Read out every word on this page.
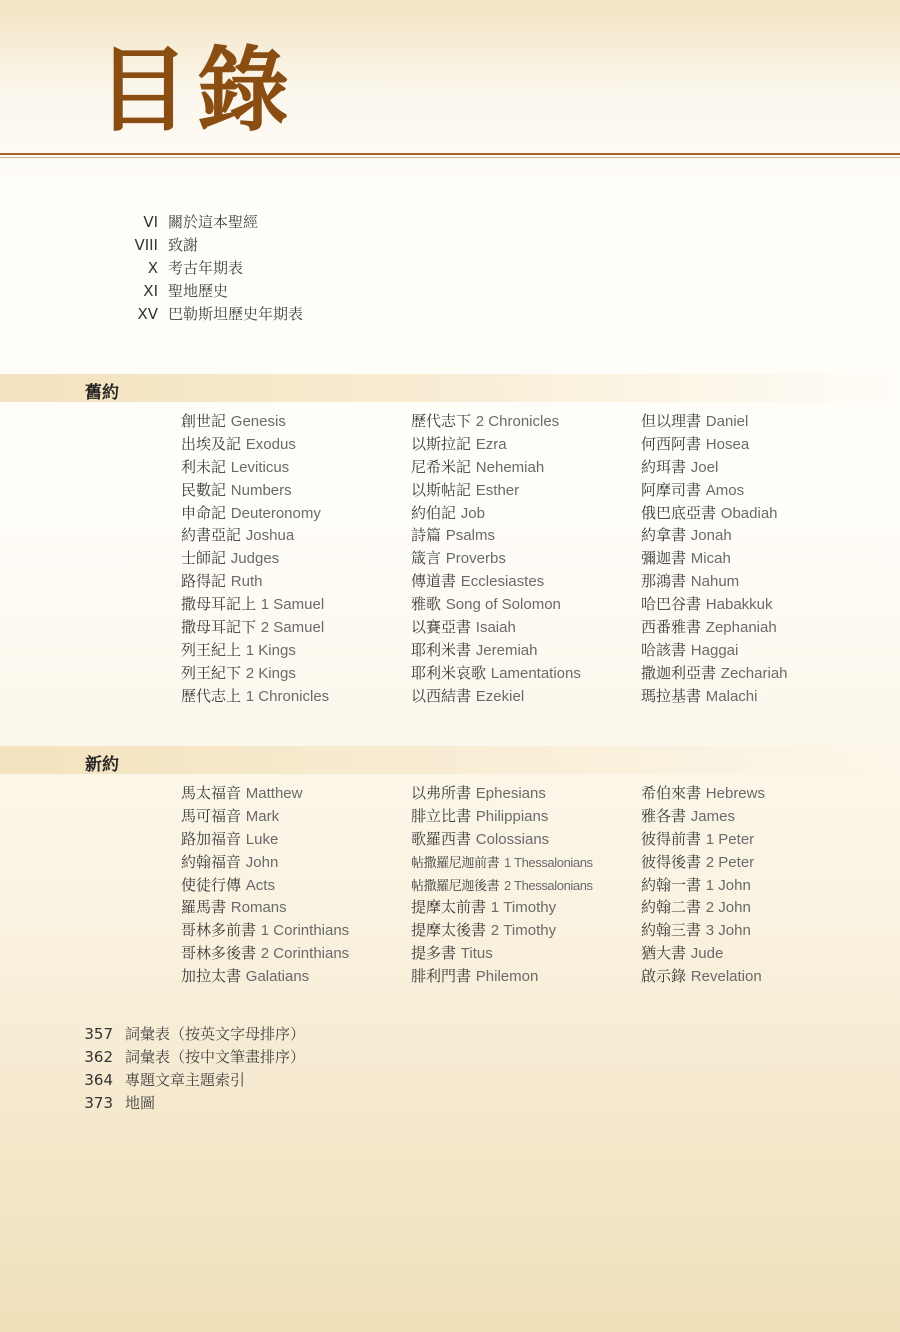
目錄
VI 關於這本聖經
VIII 致謝
X 考古年期表
XI 聖地歷史
XV 巴勒斯坦歷史年期表
舊約
創世記 Genesis
出埃及記 Exodus
利未記 Leviticus
民數記 Numbers
申命記 Deuteronomy
約書亞記 Joshua
士師記 Judges
路得記 Ruth
撒母耳記上 1 Samuel
撒母耳記下 2 Samuel
列王紀上 1 Kings
列王紀下 2 Kings
歷代志上 1 Chronicles
歷代志下 2 Chronicles
以斯拉記 Ezra
尼希米記 Nehemiah
以斯帖記 Esther
約伯記 Job
詩篇 Psalms
箴言 Proverbs
傳道書 Ecclesiastes
雅歌 Song of Solomon
以賽亞書 Isaiah
耶利米書 Jeremiah
耶利米哀歌 Lamentations
以西結書 Ezekiel
但以理書 Daniel
何西阿書 Hosea
約珥書 Joel
阿摩司書 Amos
俄巴底亞書 Obadiah
約拿書 Jonah
彌迦書 Micah
那鴻書 Nahum
哈巴谷書 Habakkuk
西番雅書 Zephaniah
哈該書 Haggai
撒迦利亞書 Zechariah
瑪拉基書 Malachi
新約
馬太福音 Matthew
馬可福音 Mark
路加福音 Luke
約翰福音 John
使徒行傳 Acts
羅馬書 Romans
哥林多前書 1 Corinthians
哥林多後書 2 Corinthians
加拉太書 Galatians
以弗所書 Ephesians
腓立比書 Philippians
歌羅西書 Colossians
帖撒羅尼迦前書 1 Thessalonians
帖撒羅尼迦後書 2 Thessalonians
提摩太前書 1 Timothy
提摩太後書 2 Timothy
提多書 Titus
腓利門書 Philemon
希伯來書 Hebrews
雅各書 James
彼得前書 1 Peter
彼得後書 2 Peter
約翰一書 1 John
約翰二書 2 John
約翰三書 3 John
猶大書 Jude
啟示錄 Revelation
357 詞彙表（按英文字母排序）
362 詞彙表（按中文筆畫排序）
364 專題文章主題索引
373 地圖
